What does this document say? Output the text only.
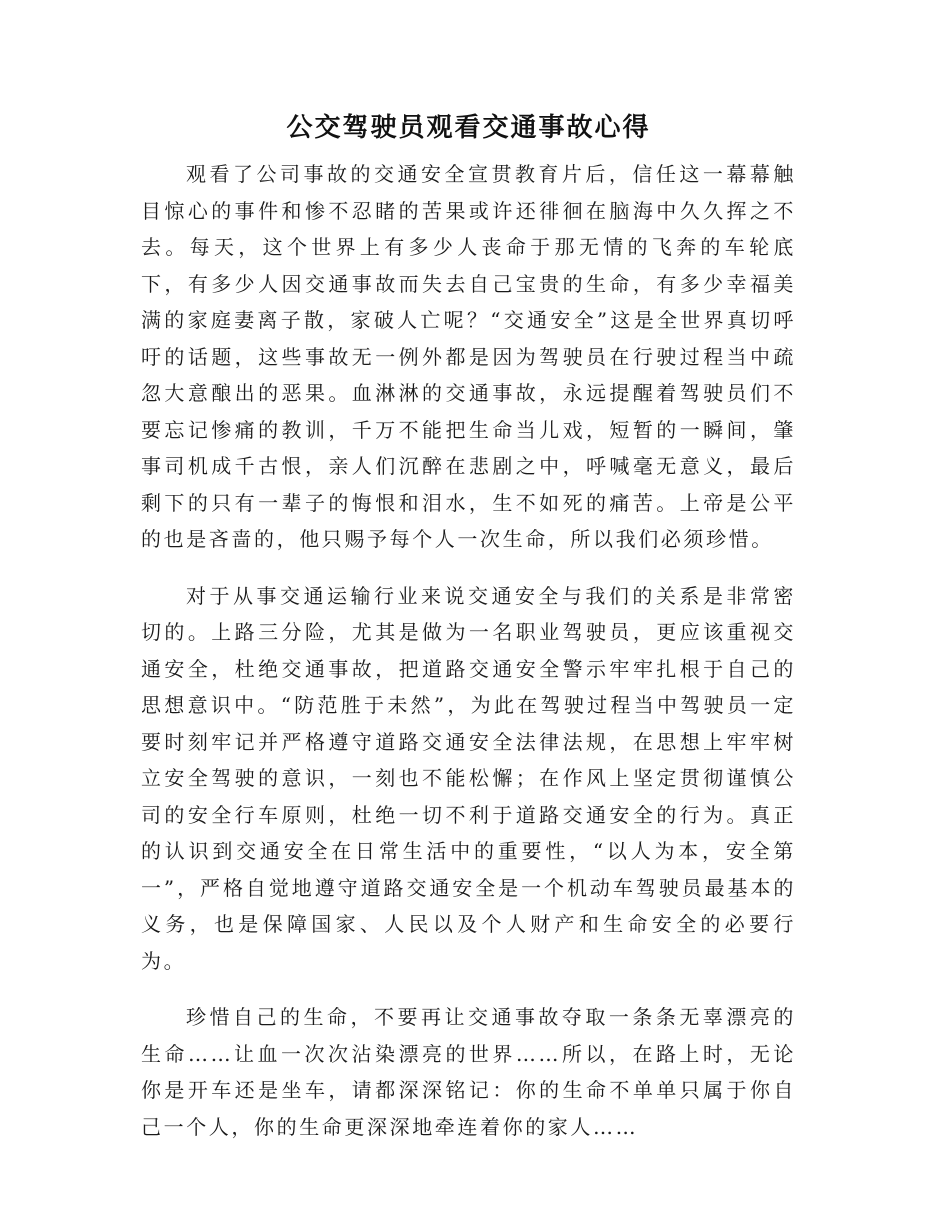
公交驾驶员观看交通事故心得

观看了公司事故的交通安全宣贯教育片后，信任这一幕幕触目惊心的事件和惨不忍睹的苦果或许还徘徊在脑海中久久挥之不去。每天，这个世界上有多少人丧命于那无情的飞奔的车轮底下，有多少人因交通事故而失去自己宝贵的生命，有多少幸福美满的家庭妻离子散，家破人亡呢？“交通安全”这是全世界真切呼吁的话题，这些事故无一例外都是因为驾驶员在行驶过程当中疏忽大意酿出的恶果。血淋淋的交通事故，永远提醒着驾驶员们不要忘记惨痛的教训，千万不能把生命当儿戏，短暂的一瞬间，肇事司机成千古恨，亲人们沉醉在悲剧之中，呼喊毫无意义，最后剩下的只有一辈子的悔恨和泪水，生不如死的痛苦。上帝是公平的也是吝啬的，他只赐予每个人一次生命，所以我们必须珍惜。

对于从事交通运输行业来说交通安全与我们的关系是非常密切的。上路三分险，尤其是做为一名职业驾驶员，更应该重视交通安全，杜绝交通事故，把道路交通安全警示牢牢扎根于自己的思想意识中。“防范胜于未然”，为此在驾驶过程当中驾驶员一定要时刻牢记并严格遵守道路交通安全法律法规，在思想上牢牢树立安全驾驶的意识，一刻也不能松懈；在作风上坚定贯彻谨慎公司的安全行车原则，杜绝一切不利于道路交通安全的行为。真正的认识到交通安全在日常生活中的重要性，“以人为本，安全第一”，严格自觉地遵守道路交通安全是一个机动车驾驶员最基本的义务，也是保障国家、人民以及个人财产和生命安全的必要行为。

珍惜自己的生命，不要再让交通事故夺取一条条无辜漂亮的生命……让血一次次沾染漂亮的世界……所以，在路上时，无论你是开车还是坐车，请都深深铭记：你的生命不单单只属于你自己一个人，你的生命更深深地牵连着你的家人……
